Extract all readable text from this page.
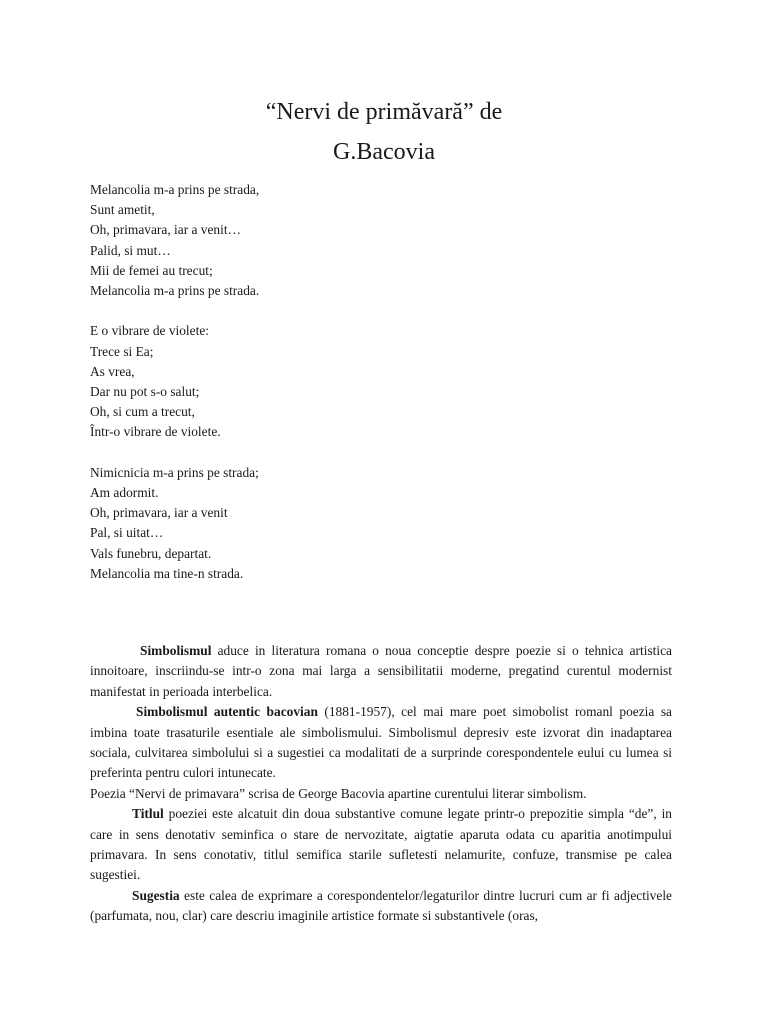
“Nervi de primăvară” de
G.Bacovia
Melancolia m-a prins pe strada,
Sunt ametit,
Oh, primavara, iar a venit…
Palid, si mut…
Mii de femei au trecut;
Melancolia m-a prins pe strada.
E o vibrare de violete:
Trece si Ea;
As vrea,
Dar nu pot s-o salut;
Oh, si cum a trecut,
Într-o vibrare de violete.
Nimicnicia m-a prins pe strada;
Am adormit.
Oh, primavara, iar a venit
Pal, si uitat…
Vals funebru, departat.
Melancolia ma tine-n strada.

Simbolismul aduce in literatura romana o noua conceptie despre poezie si o tehnica artistica innoitoare, inscriindu-se intr-o zona mai larga a sensibilitatii moderne, pregatind curentul modernist manifestat in perioada interbelica.

Simbolismul autentic bacovian (1881-1957), cel mai mare poet simobolist romanl poezia sa imbina toate trasaturile esentiale ale simbolismului. Simbolismul depresiv este izvorat din inadaptarea sociala, culvitarea simbolului si a sugestiei ca modalitati de a surprinde corespondentele eului cu lumea si preferinta pentru culori intunecate.

Poezia “Nervi de primavara” scrisa de George Bacovia apartine curentului literar simbolism.

Titlul poeziei este alcatuit din doua substantive comune legate printr-o prepozitie simpla “de”, in care in sens denotativ seminfica o stare de nervozitate, aigtatie aparuta odata cu aparitia anotimpului primavara. In sens conotativ, titlul semifica starile sufletesti nelamurite, confuze, transmise pe calea sugestiei.

Sugestia este calea de exprimare a corespondentelor/legaturilor dintre lucruri cum ar fi adjectivele (parfumata, nou, clar) care descriu imaginile artistice formate si substantivele (oras,
